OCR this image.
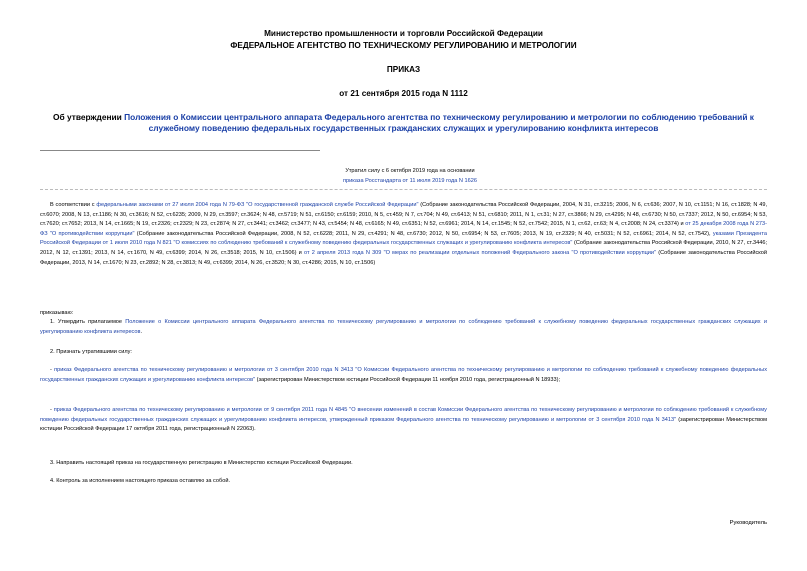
Министерство промышленности и торговли Российской Федерации
ФЕДЕРАЛЬНОЕ АГЕНТСТВО ПО ТЕХНИЧЕСКОМУ РЕГУЛИРОВАНИЮ И МЕТРОЛОГИИ
ПРИКАЗ
от 21 сентября 2015 года N 1112
Об утверждении Положения о Комиссии центрального аппарата Федерального агентства по техническому регулированию и метрологии по соблюдению требований к служебному поведению федеральных государственных гражданских служащих и урегулированию конфликта интересов
Утратил силу с 6 октября 2019 года на основании
приказа Росстандарта от 11 июля 2019 года N 1626
В соответствии с федеральными законами от 27 июля 2004 года N 79-ФЗ "О государственной гражданской службе Российской Федерации" (Собрание законодательства Российской Федерации, 2004, N 31, ст.3215; 2006, N 6, ст.636; 2007, N 10, ст.1151; N 16, ст.1828; N 49, ст.6070; 2008, N 13, ст.1186; N 30, ст.3616; N 52, ст.6235; 2009, N 29, ст.3597; ст.3624; N 48, ст.5719; N 51, ст.6150; ст.6159; 2010, N 5, ст.459; N 7, ст.704; N 49, ст.6413; N 51, ст.6810; 2011, N 1, ст.31; N 27, ст.3866; N 29, ст.4295; N 48, ст.6730; N 50, ст.7337; 2012, N 50, ст.6954; N 53, ст.7620; ст.7652; 2013, N 14, ст.1665; N 19, ст.2326; ст.2329; N 23, ст.2874; N 27, ст.3441; ст.3462; ст.3477; N 43, ст.5454; N 48, ст.6165; N 49, ст.6351; N 52, ст.6961; 2014, N 14, ст.1545; N 52, ст.7542; 2015, N 1, ст.62, ст.63; N 4, ст.2008; N 24, ст.3374) и от 25 декабря 2008 года N 273-ФЗ "О противодействии коррупции" (Собрание законодательства Российской Федерации, 2008, N 52, ст.6228; 2011, N 29, ст.4291; N 48, ст.6730; 2012, N 50, ст.6954; N 53, ст.7605; 2013, N 19, ст.2329; N 40, ст.5031; N 52, ст.6961; 2014, N 52, ст.7542), указами Президента Российской Федерации от 1 июля 2010 года N 821 "О комиссиях по соблюдению требований к служебному поведению федеральных государственных служащих и урегулированию конфликта интересов" (Собрание законодательства Российской Федерации, 2010, N 27, ст.3446; 2012, N 12, ст.1391; 2013, N 14, ст.1670, N 49, ст.6399; 2014, N 26, ст.3518; 2015, N 10, ст.1506) и от 2 апреля 2013 года N 309 "О мерах по реализации отдельных положений Федерального закона "О противодействии коррупции" (Собрание законодательства Российской Федерации, 2013, N 14, ст.1670; N 23, ст.2892; N 28, ст.3813; N 49, ст.6399; 2014, N 26, ст.3520; N 30, ст.4286; 2015, N 10, ст.1506)
приказываю:
1. Утвердить прилагаемое Положение о Комиссии центрального аппарата Федерального агентства по техническому регулированию и метрологии по соблюдению требований к служебному поведению федеральных государственных гражданских служащих и урегулированию конфликта интересов.
2. Признать утратившими силу:
- приказ Федерального агентства по техническому регулированию и метрологии от 3 сентября 2010 года N 3413 "О Комиссии Федерального агентства по техническому регулированию и метрологии по соблюдению требований к служебному поведению федеральных государственных гражданских служащих и урегулированию конфликта интересов" (зарегистрирован Министерством юстиции Российской Федерации 11 ноября 2010 года, регистрационный N 18933);
- приказ Федерального агентства по техническому регулированию и метрологии от 9 сентября 2011 года N 4845 "О внесении изменений в состав Комиссии Федерального агентства по техническому регулированию и метрологии по соблюдению требований к служебному поведению федеральных государственных гражданских служащих и урегулированию конфликта интересов, утвержденный приказом Федерального агентства по техническому регулированию и метрологии от 3 сентября 2010 года N 3413" (зарегистрирован Министерством юстиции Российской Федерации 17 октября 2011 года, регистрационный N 22063).
3. Направить настоящий приказ на государственную регистрацию в Министерство юстиции Российской Федерации.
4. Контроль за исполнением настоящего приказа оставляю за собой.
Руководитель
